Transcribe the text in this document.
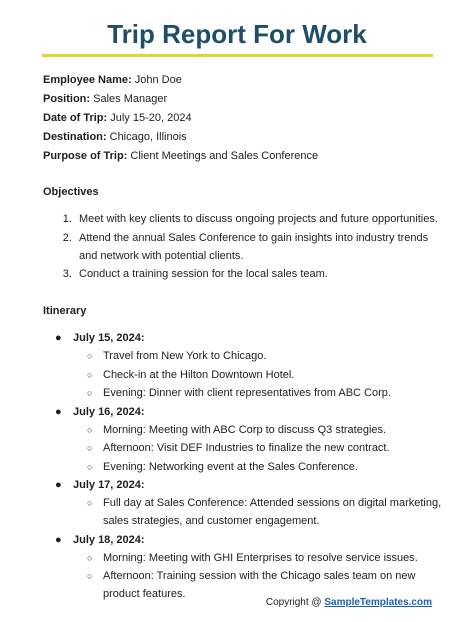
Trip Report For Work

Employee Name: John Doe

Position: Sales Manager

Date of Trip: July 15-20, 2024

Destination: Chicago, Illinois

Purpose of Trip: Client Meetings and Sales Conference

Objectives

1. Meet with key clients to discuss ongoing projects and future opportunities.
2. Attend the annual Sales Conference to gain insights into industry trends and network with potential clients.
3. Conduct a training session for the local sales team.

Itinerary

● July 15, 2024:
○ Travel from New York to Chicago.
○ Check-in at the Hilton Downtown Hotel.
○ Evening: Dinner with client representatives from ABC Corp.
● July 16, 2024:
○ Morning: Meeting with ABC Corp to discuss Q3 strategies.
○ Afternoon: Visit DEF Industries to finalize the new contract.
○ Evening: Networking event at the Sales Conference.
● July 17, 2024:
○ Full day at Sales Conference: Attended sessions on digital marketing, sales strategies, and customer engagement.
● July 18, 2024:
○ Morning: Meeting with GHI Enterprises to resolve service issues.
○ Afternoon: Training session with the Chicago sales team on new product features.
Copyright @ SampleTemplates.com
